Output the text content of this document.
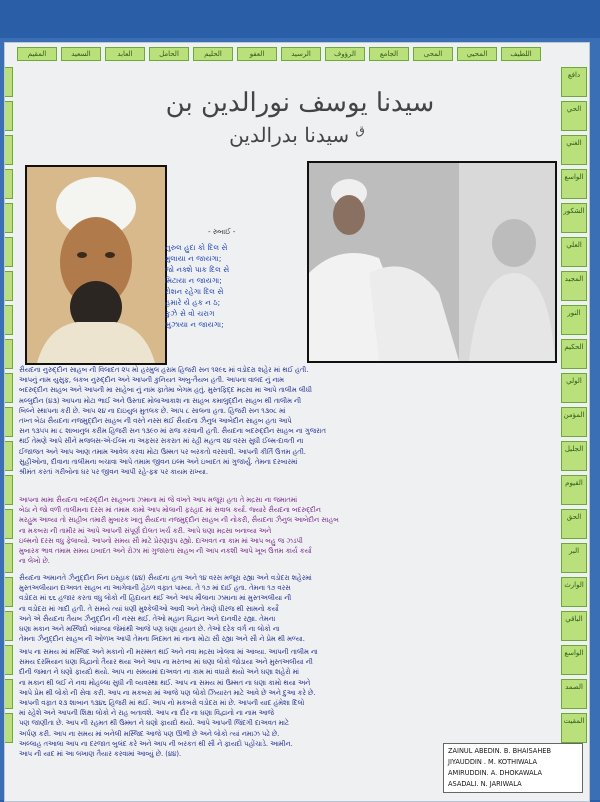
المقيم	السعيد	العابد	الحامل	الحليم	العفو	الرسيد	الرؤوف	الجامع	المحى	المحيي	اللطيف
دافع
الحي
الغني
الواسع
الشكور
العلي
المجيد
النور
الحكيم
الولي
المؤمن
الجليل
القيوم
الحق
البر
الوارث
الباقي
الواسع
الصمد
المقيت
سیدنا یوسف نورالدین بن
$^ق$ سیدنا بدرالدین
- રુબાઈ -
નુરુલ હુદા કો દિલ સે
મુલાયા ન જાયગા;
જો નક્શે પાક દિલ સે
મિટાયા ન જાયગા;
રોશન રહેગા દિલ સે
હમારે યે હક ન ઠ;
કુઝે સે વો ચરાગ
બુઝાયા ન જાયગા;
સૈયદના નુરુદ્દીન સાહબ ની વિલાદત ૨૫ મો હરમુલ હરામ હિજરી સન ૧૨૯૬ માં વડોદરા શહેર માં થઈ હતી.
આપનું નામ યુસુફ, લકબ નુરુદ્દીન અને આપની કુનિયત અબુ-તૈયબ હતી. આપના વાલદ નું નામ
બદરુદ્દીન સાહબ અને આપની મા સાહેબા નું નામ ફાતેમા બેગમ હતું. મુસ્તફિદ્દ મદ્રસા મા આપે તાલીમ લીધી
મલ્લુદીન (૪૩) આપના મોટા ભાઈ અને ઉસ્તાદ મોલાઆકાશ ના સાહબ કમાલુદ્દીન સાહબ થી તાલીમ ની
બિલ્ને સ્થાપના કરી છે. આપ ૨૪ ના દાઇયુલ મુતલક છે. આપ ૮ સાલના હતા. હિજરી સન ૧૩૦૮ માં
તખ્ત બેઠા સૈયદના નજમુદ્દીન સાહબ ની વસ્તે નસ્સ થઈ સૈયદના ઝૈનુલ આબેદીન સાહબ હતા આપે
સન ૧૩૫૫ મા ૮ શાબાનુલ કરીમ હિજરી સન ૧૩૯૦ માં રાજ કરવાની હતી. સૈયદના બદરુદ્દીન સાહબ ના ગુજરાત
થઈ તેમણે આપે સીને મજલસ-એ-ઈલ્મ ના અફસર સકરાત માં રહી મહત્વ ૨૪ વરસ સુધી ઈલ્મ-દાવતી ના
ઈજાજત અને આપ આણ તમામ આવેલ કરવા મોટા ઉમ્મત પર બરકતો વરસાવી. આપની કીર્તિ ઉત્તમ હતી.
સુહીઓના, દીવાના તાલીમના બચાવા આપે તમામ જીવન ઇલ્મ અને ઇબાદત માં ગુજાર્યું. તેમના દરબારમાં
શ્રીમંત કરતાં ગરીબોના ઘર પર જીવન આપી રહે-ફ્ક્ર પર કાયમ રાખ્યા.
આપના મામા સૈયદના બદરુદ્દીન સાહબના ઝમાના માં જે વખતે આપ મજૂરા હતા તે મદ્રસા ના જમાતમાં
બેઠા ને જો વળી તાલીમના દરસ માં તમામ કામો આપ મોલાની ફરહાદ માં સવાલ કર્યા. જ્યારે સૈયદના બદરુદ્દીન
મરહુમ આવ્યા તો સાહીબ તમારી મુબારક ખાતુ સૈયદના નજમુદ્દીન સાહબ ની નોકરી, સૈયદના ઝૈનુલ આબેદીન સાહબ
ના મકબરા ની તામીર માં આપે આપની સંપૂર્ણ દોલત ખર્ચ કરી. આપે ઘણા મદ્રસા બનાવ્યા અને
ઇલ્મનો દરસ વધુ ફેલાવ્યો. આપનો સમય સૌ માટે પ્રેરણારૂપ રહ્યો. દાઅવત ના કામ માં આપ બહુ જ ઝડપી
મુબારક ભાવ તમામ સમય ઇબાદત અને રોઝા માં ગુજારતા સાહબ ની આપ નકશી આપે ખૂબ ઉત્તમ કાર્ય કર્યા
ના લેખો છે.
સૈયદના અમાનતે ઝૈનુદ્દીન બિન ઇસ્હાક (૪૪) સૈયદના હતા અને ૧૪ વરસ મજૂરા રહ્યા અને વડોદરા શહેરમાં
મુસ્તઅલીયાન દાઅવત સાહબ ના આગેવાની હેઠળ વફાત પામ્યા. તે ૧૭ માં દાઈ હતા. તેમના ૧૭ વરસ
વડોદરા માં ૬૬ હજાર કરતા વધુ લોકો ની હિદાયત થઈ અને આપ મૌલાના ઝમાના માં મુસ્તઅલીયા ની
ના વડોદરા માં ગાદી હતી. તે સમયે ત્યાં ઘણી મુશ્કેલીઓ આવી અને તેમણે ધીરજ થી સામનો કર્યો
અને એ સૈયદના તૈયબ ઝૈનુદ્દીન ની નસ્સ થઈ. તેઓ મહાન વિદ્વાન અને દાનવીર રહ્યા. તેમના
ઘણા મકાન અને મસ્જિદો બંધાવ્યા જેમાંથી આજે પણ ઘણા હયાત છે. તેઓ દરેક વર્ગ ના લોકો ના
તેમના ઝૈનુદ્દીન સાહબ ની ઓળખ આપી તેમના ખિદમત માં નાના મોટા સૌ રહ્યા અને સૌ ને પ્રેમ થી મળ્યા.
આપ ના સમય માં મસ્જિદ અને મકાનો ની મરમ્મત થઈ અને નવા મદ્રસા ખોલવા માં આવ્યા. આપની તાલીમ ના
સમય દરમિયાન ઘણા વિદ્વાનો તૈયાર થયા અને આપ ના મરતબા માં ઘણા લોકો જોડાયા અને મુસ્તઅલીયા ની
દીની જમાત ને ઘણો ફાયદો થયો. આપ ના સમયમાં દાઅવત ના કામ માં વધારો થયો અને ઘણા શહેરો માં
ના મકાન થી લઈ ને નવા મોહલ્લા સુધી ની વ્યવસ્થા થઈ. આપ ના સમય માં ઉમ્મત ના ઘણા કામો થયા અને
આપે પ્રેમ થી લોકો ની સેવા કરી. આપ ના મકબરા માં આજે પણ લોકો ઝિયારત માટે આવે છે અને દુઆ કરે છે.
આપની વફાત ૨૩ શાબાન ૧૩૪૬ હિજરી માં થઈ. આપ નો મકબરો વડોદરા માં છે. આપની યાદ હંમેશા દિલો
માં રહેશે અને આપની શિક્ષા લોકો ને રાહ બતાવશે. આપ ના દૌર ના ઘણા વિદ્વાનો ના નામ આજે
પણ જાણીતા છે. આપ ની રહમત થી ઉમ્મત ને ઘણો ફાયદો થયો. આપે આપની જિંદગી દાઅવત માટે
અર્પણ કરી. આપ ના સમય માં બનેલી મસ્જિદ આજે પણ ઊભી છે અને લોકો ત્યાં નમાઝ પઢે છે.
અલ્લાહ તઆલા આપ ના દરજાત બુલંદ કરે અને આપ ની બરકત થી સૌ ને ફાયદો પહોંચાડે. આમીન.
આપ ની યાદ માં આ લખાણ તૈયાર કરવામાં આવ્યું છે. (૪૪).	ZAINUL ABEDIN. B. BHAISAHEB
JIYAUDDIN . M. KOTHIWALA
AMIRUDDIN. A. DHOKAWALA
ASADALI. N. JARIWALA
